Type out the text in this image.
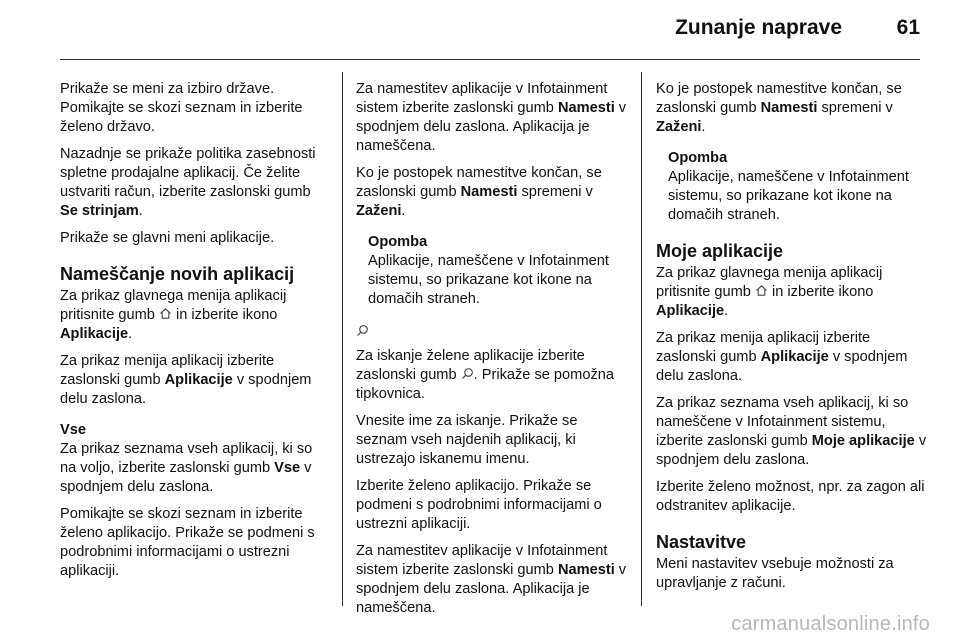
Zunanje naprave	61

Prikaže se meni za izbiro države. Pomikajte se skozi seznam in izberite želeno državo.

Nazadnje se prikaže politika zasebnosti spletne prodajalne aplikacij. Če želite ustvariti račun, izberite zaslonski gumb Se strinjam.

Prikaže se glavni meni aplikacije.

Nameščanje novih aplikacij

Za prikaz glavnega menija aplikacij pritisnite gumb
in izberite ikono Aplikacije.

Za prikaz menija aplikacij izberite zaslonski gumb Aplikacije v spodnjem delu zaslona.

Vse

Za prikaz seznama vseh aplikacij, ki so na voljo, izberite zaslonski gumb Vse v spodnjem delu zaslona.

Pomikajte se skozi seznam in izberite želeno aplikacijo. Prikaže se podmeni s podrobnimi informacijami o ustrezni aplikaciji.

Za namestitev aplikacije v Infotainment sistem izberite zaslonski gumb Namesti v spodnjem delu zaslona. Aplikacija je nameščena.

Ko je postopek namestitve končan, se zaslonski gumb Namesti spremeni v Zaženi.

Opomba
Aplikacije, nameščene v Infotainment sistemu, so prikazane kot ikone na domačih straneh.

Za iskanje želene aplikacije izberite zaslonski gumb
. Prikaže se pomožna tipkovnica.

Vnesite ime za iskanje. Prikaže se seznam vseh najdenih aplikacij, ki ustrezajo iskanemu imenu.

Izberite želeno aplikacijo. Prikaže se podmeni s podrobnimi informacijami o ustrezni aplikaciji.

Za namestitev aplikacije v Infotainment sistem izberite zaslonski gumb Namesti v spodnjem delu zaslona. Aplikacija je nameščena.

Ko je postopek namestitve končan, se zaslonski gumb Namesti spremeni v Zaženi.

Opomba
Aplikacije, nameščene v Infotainment sistemu, so prikazane kot ikone na domačih straneh.
Moje aplikacije

Za prikaz glavnega menija aplikacij pritisnite gumb
in izberite ikono Aplikacije.

Za prikaz menija aplikacij izberite zaslonski gumb Aplikacije v spodnjem delu zaslona.

Za prikaz seznama vseh aplikacij, ki so nameščene v Infotainment sistemu, izberite zaslonski gumb Moje aplikacije v spodnjem delu zaslona.

Izberite želeno možnost, npr. za zagon ali odstranitev aplikacije.

Nastavitve

Meni nastavitev vsebuje možnosti za upravljanje z računi.

carmanualsonline.info
